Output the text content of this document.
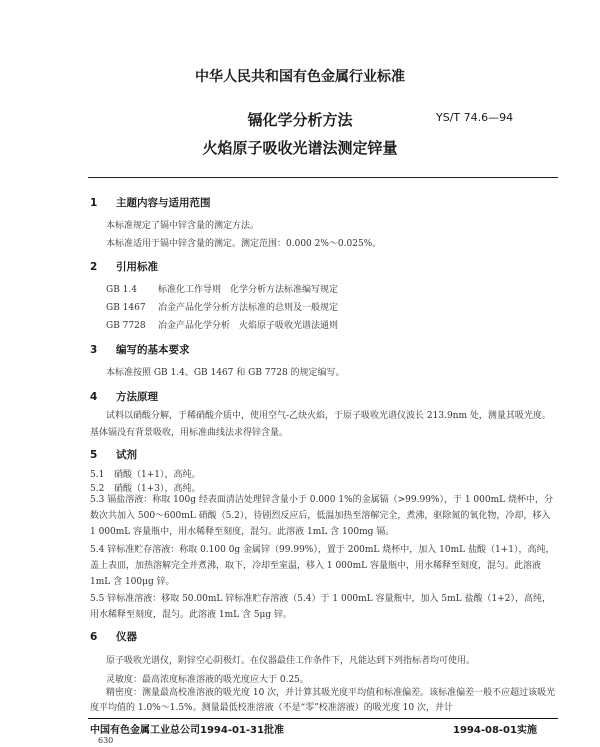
中华人民共和国有色金属行业标准
镉化学分析方法
火焰原子吸收光谱法测定锌量
YS/T 74.6—94
1 主题内容与适用范围
本标准规定了镉中锌含量的测定方法。
本标准适用于镉中锌含量的测定。测定范围：0.000 2%～0.025%。
2 引用标准
GB 1.4 标准化工作导则　化学分析方法标准编写规定
GB 1467 冶金产品化学分析方法标准的总则及一般规定
GB 7728 冶金产品化学分析　火焰原子吸收光谱法通则
3 编写的基本要求
本标准按照 GB 1.4、GB 1467 和 GB 7728 的规定编写。
4 方法原理
试料以硝酸分解，于稀硝酸介质中，使用空气-乙炔火焰，于原子吸收光谱仪波长 213.9nm 处，测量其吸光度。基体镉没有背景吸收，用标准曲线法求得锌含量。
5 试剂
5.1 硝酸（1+1），高纯。
5.2 硝酸（1+3），高纯。
5.3 镉盐溶液：称取 100g 经表面清洁处理锌含量小于 0.000 1%的金属镉（>99.99%），于 1 000mL 烧杯中，分数次共加入 500～600mL 硝酸（5.2），待剧烈反应后，低温加热至溶解完全，煮沸，驱除氮的氧化物，冷却，移入 1 000mL 容量瓶中，用水稀释至刻度，混匀。此溶液 1mL 含 100mg 镉。
5.4 锌标准贮存溶液：称取 0.100 0g 金属锌（99.99%），置于 200mL 烧杯中，加入 10mL 盐酸（1+1），高纯，盖上表皿，加热溶解完全并煮沸，取下，冷却至室温，移入 1 000mL 容量瓶中，用水稀释至刻度，混匀。此溶液 1mL 含 100μg 锌。
5.5 锌标准溶液：移取 50.00mL 锌标准贮存溶液（5.4）于 1 000mL 容量瓶中，加入 5mL 盐酸（1+2），高纯，用水稀释至刻度，混匀。此溶液 1mL 含 5μg 锌。
6 仪器
原子吸收光谱仪，附锌空心阴极灯。在仪器最佳工作条件下，凡能达到下列指标者均可使用。
灵敏度：最高浓度标准溶液的吸光度应大于 0.25。
精密度：测量最高校准溶液的吸光度 10 次，并计算其吸光度平均值和标准偏差。该标准偏差一般不应超过该吸光度平均值的 1.0%～1.5%。测量最低校准溶液（不是“零”校准溶液）的吸光度 10 次，并计
中国有色金属工业总公司1994-01-31批准	1994-08-01实施
630
